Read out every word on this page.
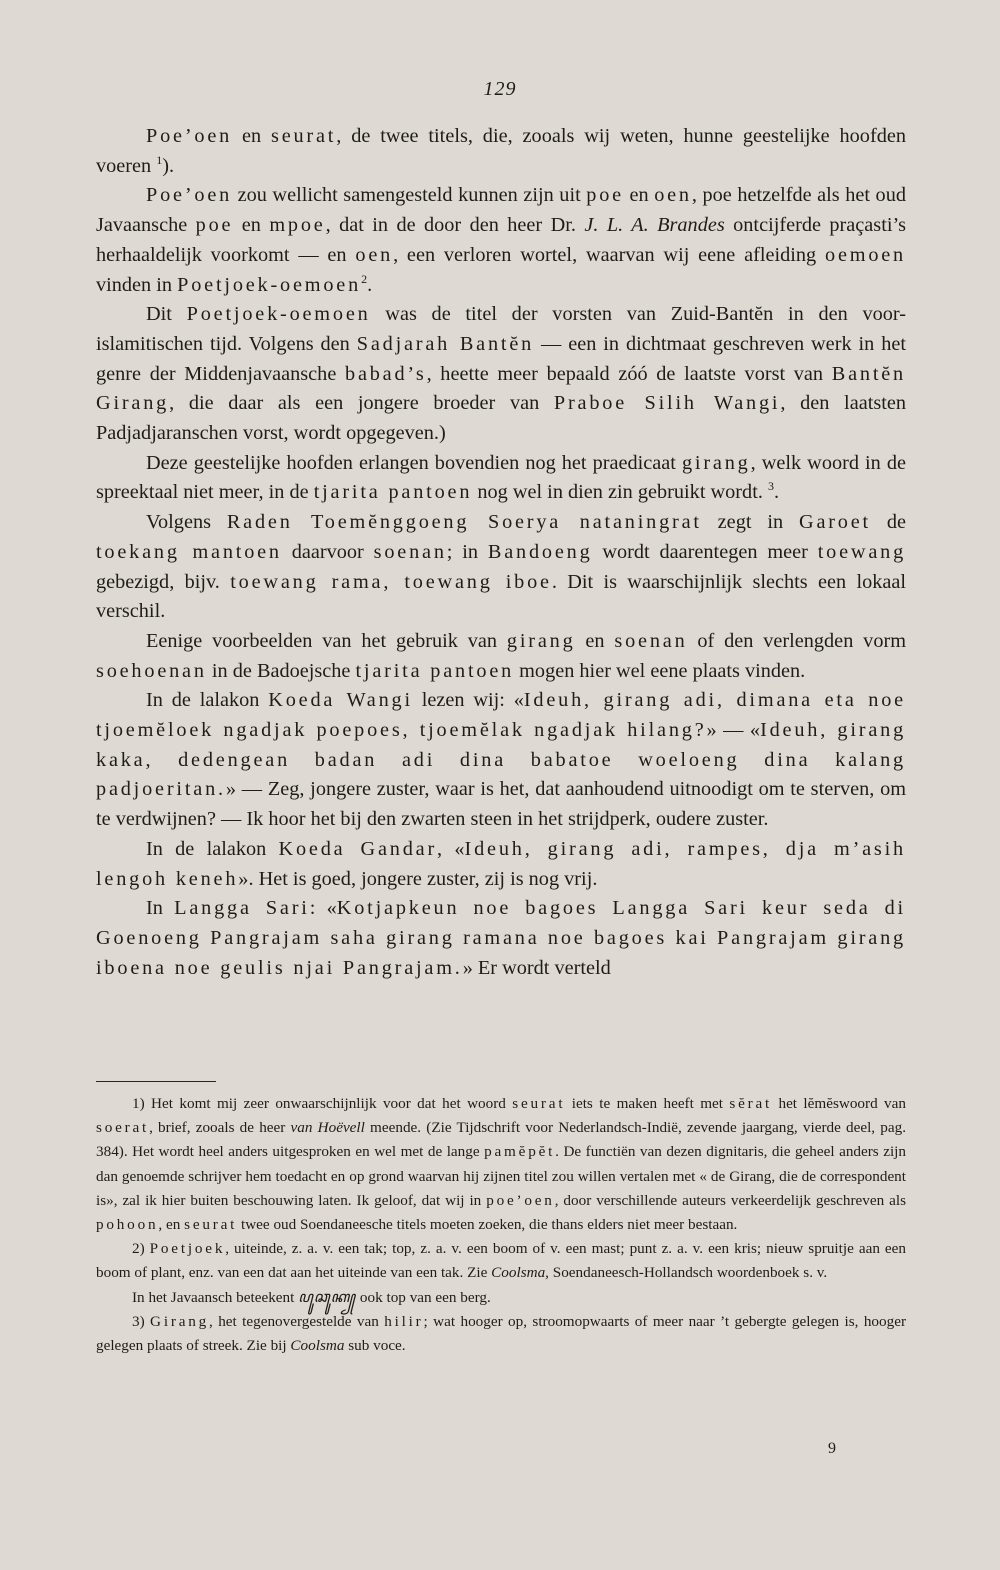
129

Poe’oen en seurat, de twee titels, die, zooals wij weten, hunne geestelijke hoofden voeren $^1$).

Poe’oen zou wellicht samengesteld kunnen zijn uit poe en oen, poe hetzelfde als het oud Javaansche poe en mpoe, dat in de door den heer Dr. J. L. A. Brandes ontcijferde praçasti’s herhaaldelijk voorkomt — en oen, een verloren wortel, waarvan wij eene afleiding oemoen vinden in Poetjoek-oemoen$^2$.

Dit Poetjoek-oemoen was de titel der vorsten van Zuid-Bantĕn in den voor-islamitischen tijd. Volgens den Sadjarah Bantĕn — een in dichtmaat geschreven werk in het genre der Middenjavaansche babad’s, heette meer bepaald zóó de laatste vorst van Bantĕn Girang, die daar als een jongere broeder van Praboe Silih Wangi, den laatsten Padjadjaranschen vorst, wordt opgegeven.)

Deze geestelijke hoofden erlangen bovendien nog het praedicaat girang, welk woord in de spreektaal niet meer, in de tjarita pantoen nog wel in dien zin gebruikt wordt. $^3$.

Volgens Raden Toemĕnggoeng Soerya nataningrat zegt in Garoet de toekang mantoen daarvoor soenan; in Bandoeng wordt daarentegen meer toewang gebezigd, bijv. toewang rama, toewang iboe. Dit is waarschijnlijk slechts een lokaal verschil.

Eenige voorbeelden van het gebruik van girang en soenan of den verlengden vorm soehoenan in de Badoejsche tjarita pantoen mogen hier wel eene plaats vinden.

In de lalakon Koeda Wangi lezen wij: «Ideuh, girang adi, dimana eta noe tjoemĕloek ngadjak poepoes, tjoemĕlak ngadjak hilang?» — «Ideuh, girang kaka, dedengean badan adi dina babatoe woeloeng dina kalang padjoeritan.» — Zeg, jongere zuster, waar is het, dat aanhoudend uitnoodigt om te sterven, om te verdwijnen? — Ik hoor het bij den zwarten steen in het strijdperk, oudere zuster.

In de lalakon Koeda Gandar, «Ideuh, girang adi, rampes, dja m’asih lengoh keneh». Het is goed, jongere zuster, zij is nog vrij.

In Langga Sari: «Kotjapkeun noe bagoes Langga Sari keur seda di Goenoeng Pangrajam saha girang ramana noe bagoes kai Pangrajam girang iboena noe geulis njai Pangrajam.» Er wordt verteld

1) Het komt mij zeer onwaarschijnlijk voor dat het woord seurat iets te maken heeft met sĕrat het lĕmĕswoord van soerat, brief, zooals de heer van Hoëvell meende. (Zie Tijdschrift voor Nederlandsch-Indië, zevende jaargang, vierde deel, pag. 384). Het wordt heel anders uitgesproken en wel met de lange pamĕpĕt. De functiën van dezen dignitaris, die geheel anders zijn dan genoemde schrijver hem toedacht en op grond waarvan hij zijnen titel zou willen vertalen met « de Girang, die de correspondent is», zal ik hier buiten beschouwing laten. Ik geloof, dat wij in poe’oen, door verschillende auteurs verkeerdelijk geschreven als pohoon, en seurat twee oud Soendaneesche titels moeten zoeken, die thans elders niet meer bestaan.

2) Poetjoek, uiteinde, z. a. v. een tak; top, z. a. v. een boom of v. een mast; punt z. a. v. een kris; nieuw spruitje aan een boom of plant, enz. van een dat aan het uiteinde van een tak. Zie Coolsma, Soendaneesch-Hollandsch woordenboek s. v.

In het Javaansch beteekent ꦥꦸꦕꦸꦏ꧀ ook top van een berg.

3) Girang, het tegenovergestelde van hilir; wat hooger op, stroomopwaarts of meer naar ’t gebergte gelegen is, hooger gelegen plaats of streek. Zie bij Coolsma sub voce.

9
